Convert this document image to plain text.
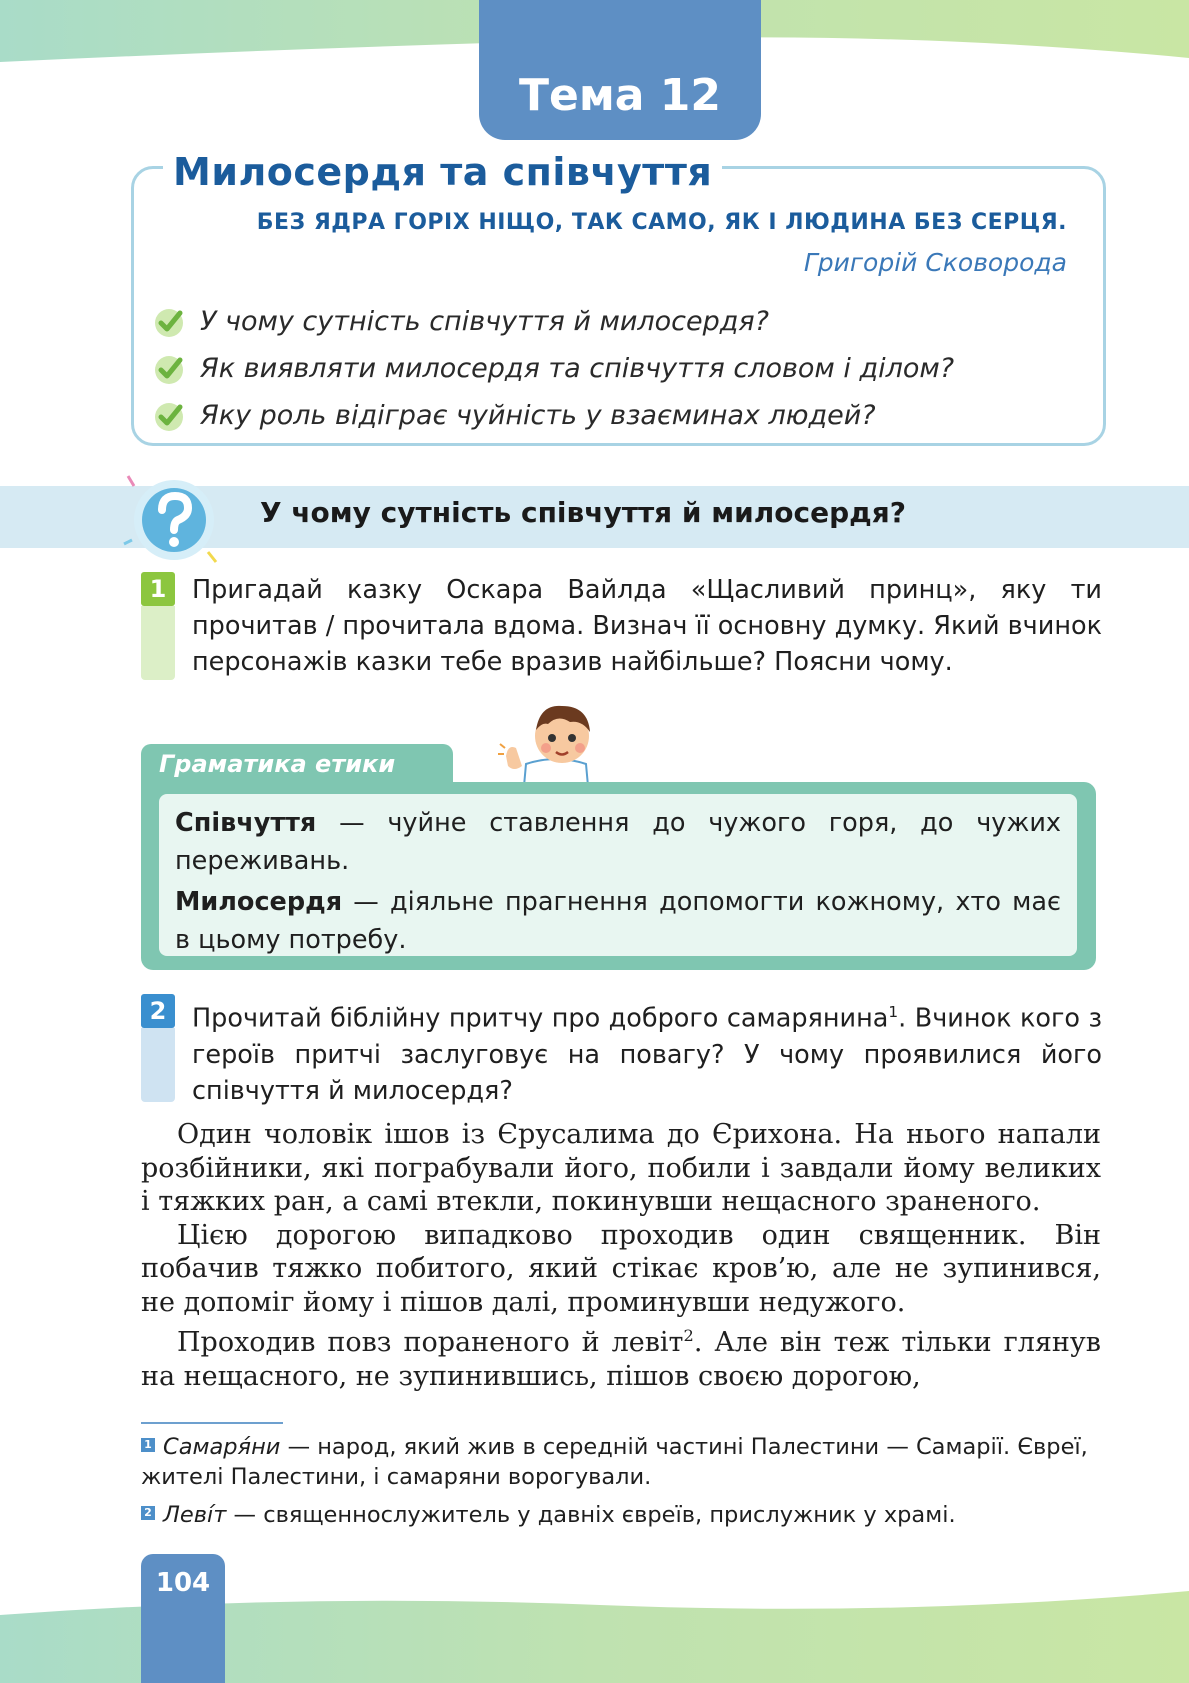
Тема 12
Милосердя та співчуття
БЕЗ ЯДРА ГОРІХ НІЩО, ТАК САМО, ЯК І ЛЮДИНА БЕЗ СЕРЦЯ.
Григорій Сковорода
У чому сутність співчуття й милосердя?
Як виявляти милосердя та співчуття словом і ділом?
Яку роль відіграє чуйність у взаєминах людей?
У чому сутність співчуття й милосердя?
1	Пригадай казку Оскара Вайлда «Щасливий принц», яку ти прочитав / прочитала вдома. Визнач її основну думку. Який вчинок персонажів казки тебе вразив найбільше? Поясни чому.
Граматика етики

Співчуття — чуйне ставлення до чужого горя, до чужих переживань.

Милосердя — діяльне прагнення допомогти кожному, хто має в цьому потребу.

2	Прочитай біблійну притчу про доброго самарянина$^1$. Вчинок кого з героїв притчі заслуговує на повагу? У чому проявилися його співчуття й милосердя?

Один чоловік ішов із Єрусалима до Єрихона. На нього напали розбійники, які пограбували його, побили і завдали йому великих і тяжких ран, а самі втекли, покинувши нещасного зраненого.

Цією дорогою випадково проходив один священник. Він побачив тяжко побитого, який стікає кров’ю, але не зупинився, не допоміг йому і пішов далі, проминувши недужого.

Проходив повз пораненого й левіт$^2$. Але він теж тільки глянув на нещасного, не зупинившись, пішов своєю дорогою,

1 Самаря́ни — народ, який жив в середній частині Палестини — Самарії. Євреї, жителі Палестини, і самаряни ворогували.
2 Леві́т — священнослужитель у давніх євреїв, прислужник у храмі.
104
